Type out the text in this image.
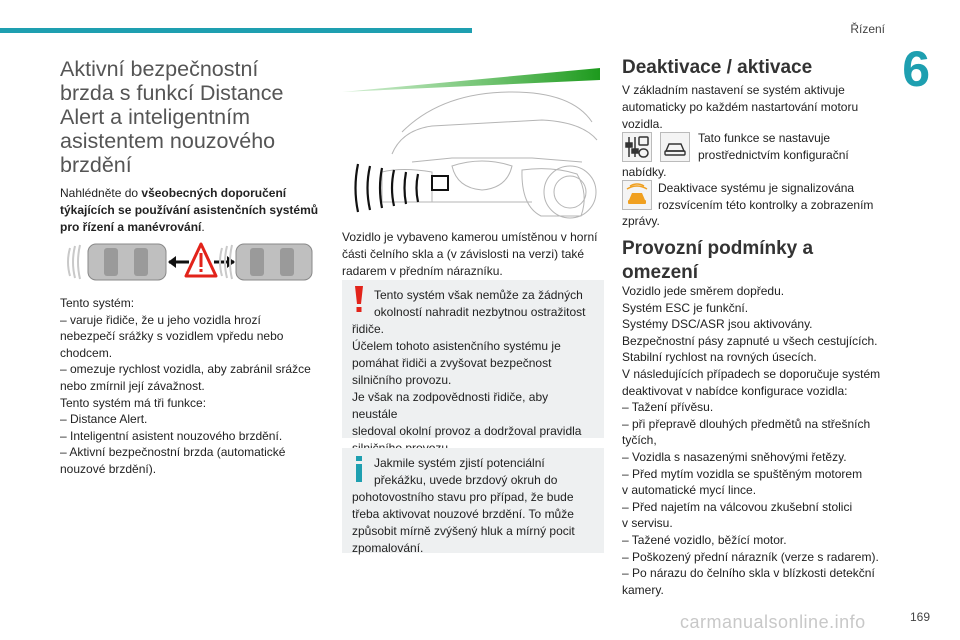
Řízení
6
Aktivní bezpečnostní
brzda s funkcí Distance
Alert a inteligentním
asistentem nouzového
brzdění
Nahlédněte do všeobecných doporučení týkajících se používání asistenčních systémů pro řízení a manévrování.
Tento systém:
– varuje řidiče, že u jeho vozidla hrozí
nebezpečí srážky s vozidlem vpředu nebo
chodcem.
– omezuje rychlost vozidla, aby zabránil srážce
nebo zmírnil její závažnost.
Tento systém má tři funkce:
– Distance Alert.
– Inteligentní asistent nouzového brzdění.
– Aktivní bezpečnostní brzda (automatické
nouzové brzdění).
Vozidlo je vybaveno kamerou umístěnou v horní části čelního skla a (v závislosti na verzi) také radarem v předním nárazníku.
Tento systém však nemůže za žádných
okolností nahradit nezbytnou ostražitost
řidiče.
Účelem tohoto asistenčního systému je
pomáhat řidiči a zvyšovat bezpečnost
silničního provozu.
Je však na zodpovědnosti řidiče, aby neustále
sledoval okolní provoz a dodržoval pravidla
Jakmile systém zjistí potenciální
překážku, uvede brzdový okruh do
pohotovostního stavu pro případ, že bude
třeba aktivovat nouzové brzdění. To může
způsobit mírně zvýšený hluk a mírný pocit
zpomalování.
Deaktivace / aktivace
V základním nastavení se systém aktivuje automaticky po každém nastartování motoru vozidla.
Tato funkce se nastavuje
prostřednictvím konfigurační
nabídky.
Deaktivace systému je signalizována
rozsvícením této kontrolky a zobrazením
zprávy.
Provozní podmínky a
omezení
Vozidlo jede směrem dopředu.
Systém ESC je funkční.
Systémy DSC/ASR jsou aktivovány.
Bezpečnostní pásy zapnuté u všech cestujících.
Stabilní rychlost na rovných úsecích.
V následujících případech se doporučuje systém
deaktivovat v nabídce konfigurace vozidla:
– Tažení přívěsu.
– při přepravě dlouhých předmětů na střešních
tyčích,
– Vozidla s nasazenými sněhovými řetězy.
– Před mytím vozidla se spuštěným motorem
v automatické mycí lince.
– Před najetím na válcovou zkušební stolici
v servisu.
– Tažené vozidlo, běžící motor.
– Poškozený přední nárazník (verze s radarem).
– Po nárazu do čelního skla v blízkosti detekční
kamery.
carmanualsonline.info	169
